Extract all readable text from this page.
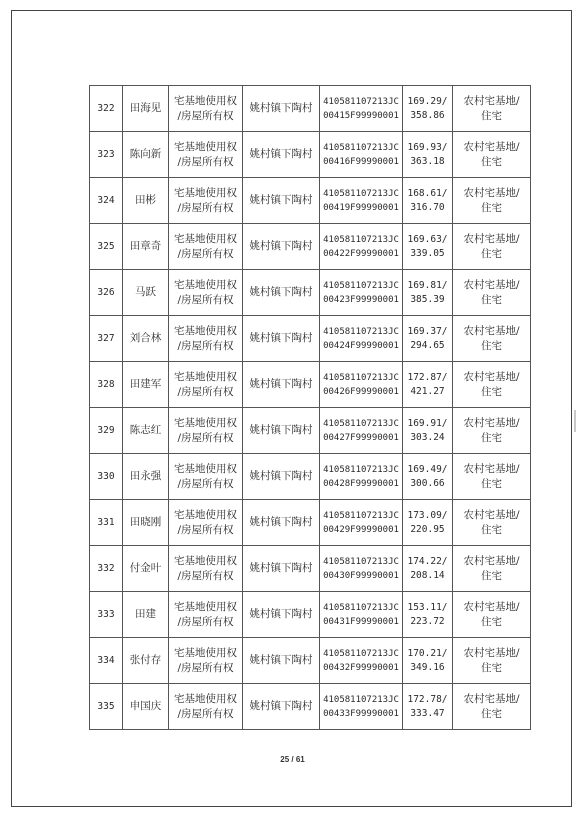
322	田海见	宅基地使用权
/房屋所有权	姚村镇下陶村	410581107213JC
00415F99990001	169.29/
358.86	农村宅基地/
住宅

323	陈向新	宅基地使用权
/房屋所有权	姚村镇下陶村	410581107213JC
00416F99990001	169.93/
363.18	农村宅基地/
住宅

324	田彬	宅基地使用权
/房屋所有权	姚村镇下陶村	410581107213JC
00419F99990001	168.61/
316.70	农村宅基地/
住宅

325	田章奇	宅基地使用权
/房屋所有权	姚村镇下陶村	410581107213JC
00422F99990001	169.63/
339.05	农村宅基地/
住宅

326	马跃	宅基地使用权
/房屋所有权	姚村镇下陶村	410581107213JC
00423F99990001	169.81/
385.39	农村宅基地/
住宅

327	刘合林	宅基地使用权
/房屋所有权	姚村镇下陶村	410581107213JC
00424F99990001	169.37/
294.65	农村宅基地/
住宅

328	田建军	宅基地使用权
/房屋所有权	姚村镇下陶村	410581107213JC
00426F99990001	172.87/
421.27	农村宅基地/
住宅

329	陈志红	宅基地使用权
/房屋所有权	姚村镇下陶村	410581107213JC
00427F99990001	169.91/
303.24	农村宅基地/
住宅

330	田永强	宅基地使用权
/房屋所有权	姚村镇下陶村	410581107213JC
00428F99990001	169.49/
300.66	农村宅基地/
住宅

331	田晓刚	宅基地使用权
/房屋所有权	姚村镇下陶村	410581107213JC
00429F99990001	173.09/
220.95	农村宅基地/
住宅

332	付金叶	宅基地使用权
/房屋所有权	姚村镇下陶村	410581107213JC
00430F99990001	174.22/
208.14	农村宅基地/
住宅

333	田建	宅基地使用权
/房屋所有权	姚村镇下陶村	410581107213JC
00431F99990001	153.11/
223.72	农村宅基地/
住宅

334	张付存	宅基地使用权
/房屋所有权	姚村镇下陶村	410581107213JC
00432F99990001	170.21/
349.16	农村宅基地/
住宅

335	申国庆	宅基地使用权
/房屋所有权	姚村镇下陶村	410581107213JC
00433F99990001	172.78/
333.47	农村宅基地/
住宅
25 / 61
